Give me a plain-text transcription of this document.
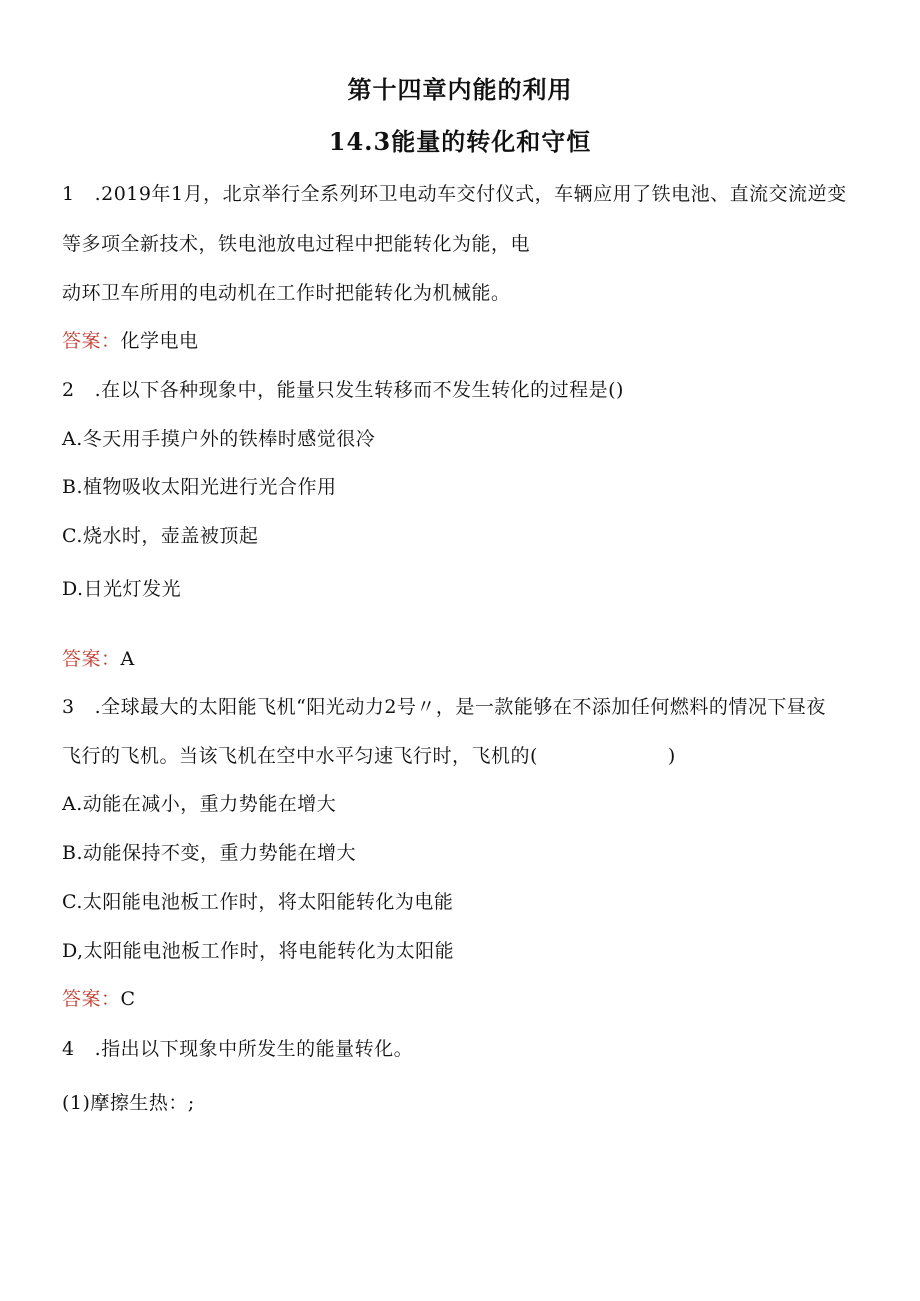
第十四章内能的利用
14.3能量的转化和守恒
1 .2019年1月，北京举行全系列环卫电动车交付仪式，车辆应用了铁电池、直流交流逆变
等多项全新技术，铁电池放电过程中把能转化为能，电
动环卫车所用的电动机在工作时把能转化为机械能。
答案：化学电电
2 .在以下各种现象中，能量只发生转移而不发生转化的过程是()
A.冬天用手摸户外的铁棒时感觉很冷
B.植物吸收太阳光进行光合作用
C.烧水时，壶盖被顶起
D.日光灯发光
答案：A
3 .全球最大的太阳能飞机“阳光动力2号〃，是一款能够在不添加任何燃料的情况下昼夜
飞行的飞机。当该飞机在空中水平匀速飞行时，飞机的(	)
A.动能在减小，重力势能在增大
B.动能保持不变，重力势能在增大
C.太阳能电池板工作时，将太阳能转化为电能
D,太阳能电池板工作时，将电能转化为太阳能
答案：C
4 .指出以下现象中所发生的能量转化。
(1)摩擦生热：;
